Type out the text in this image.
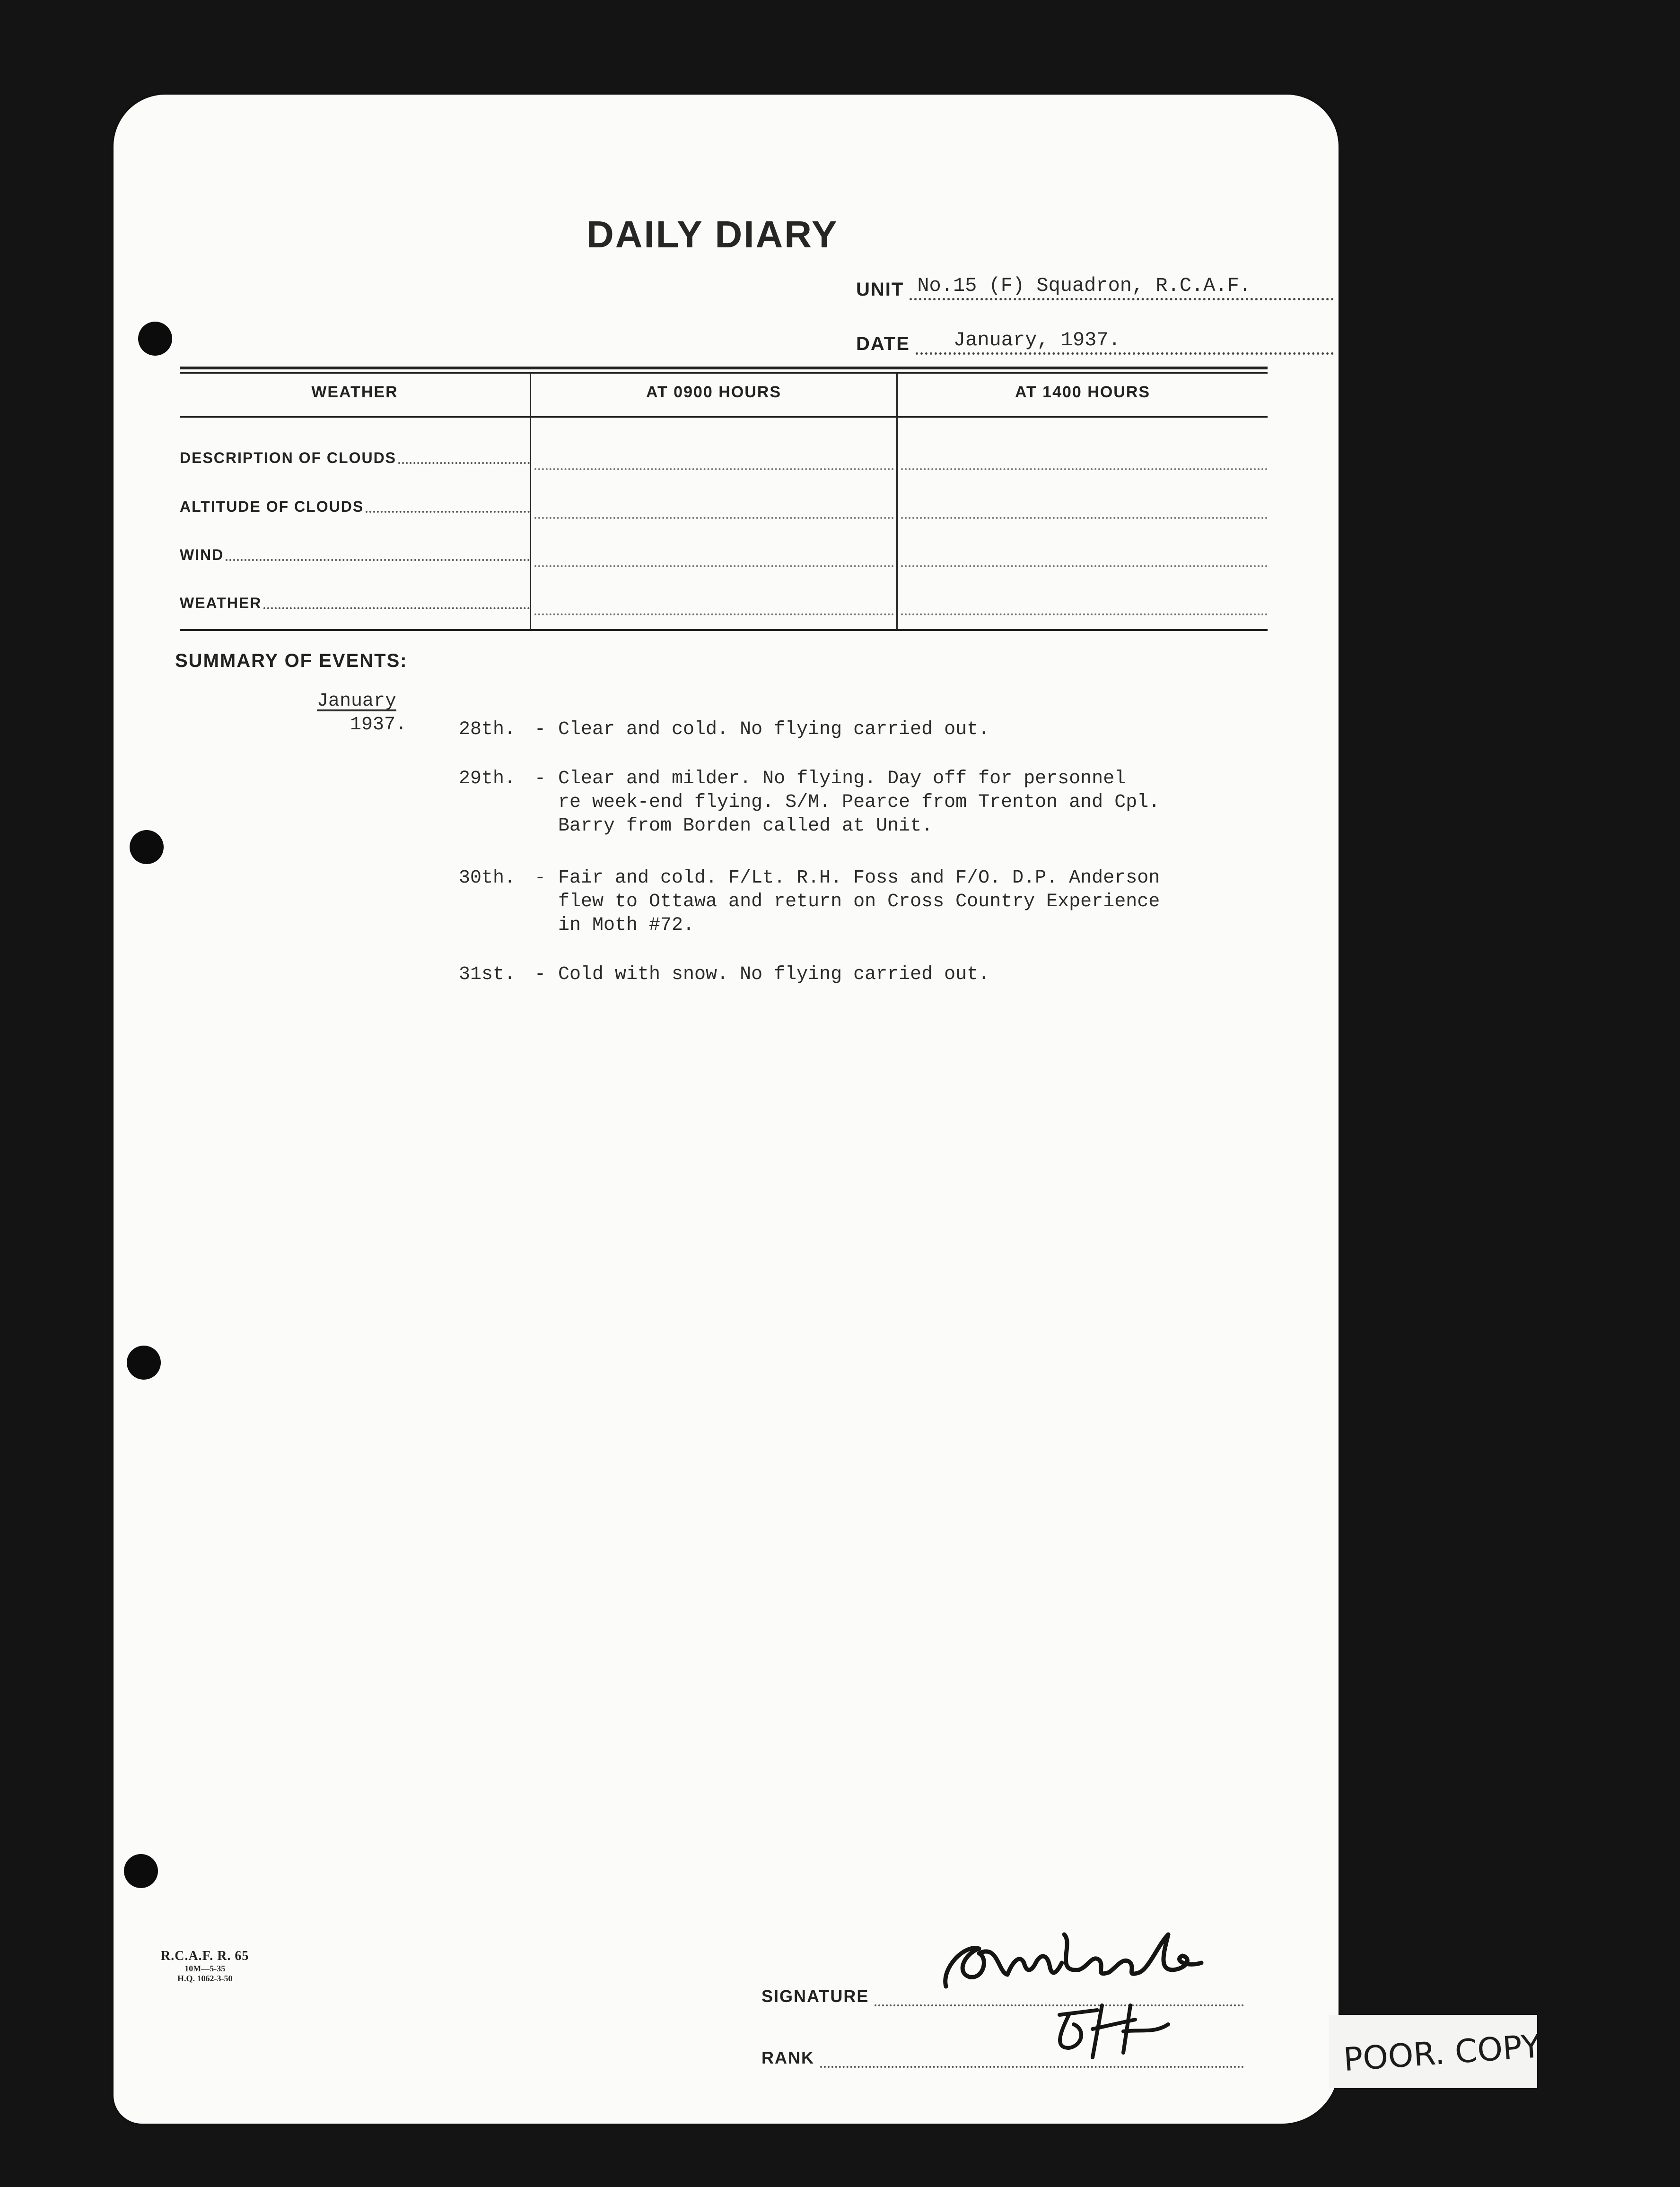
DAILY DIARY
UNIT No.15 (F) Squadron, R.C.A.F.
DATE	January, 1937.
WEATHER	AT 0900 HOURS	AT 1400 HOURS
DESCRIPTION OF CLOUDS
ALTITUDE OF CLOUDS
WIND
WEATHER
SUMMARY OF EVENTS:
January
1937.	28th. - Clear and cold. No flying carried out.
29th. - Clear and milder. No flying. Day off for personnel
re week-end flying. S/M. Pearce from Trenton and Cpl.
Barry from Borden called at Unit.
30th. - Fair and cold. F/Lt. R.H. Foss and F/O. D.P. Anderson
flew to Ottawa and return on Cross Country Experience
in Moth #72.
31st. - Cold with snow. No flying carried out.
R.C.A.F. R. 65
10M—5-35
H.Q. 1062-3-50
SIGNATURE
RANK	POOR. COPY.
